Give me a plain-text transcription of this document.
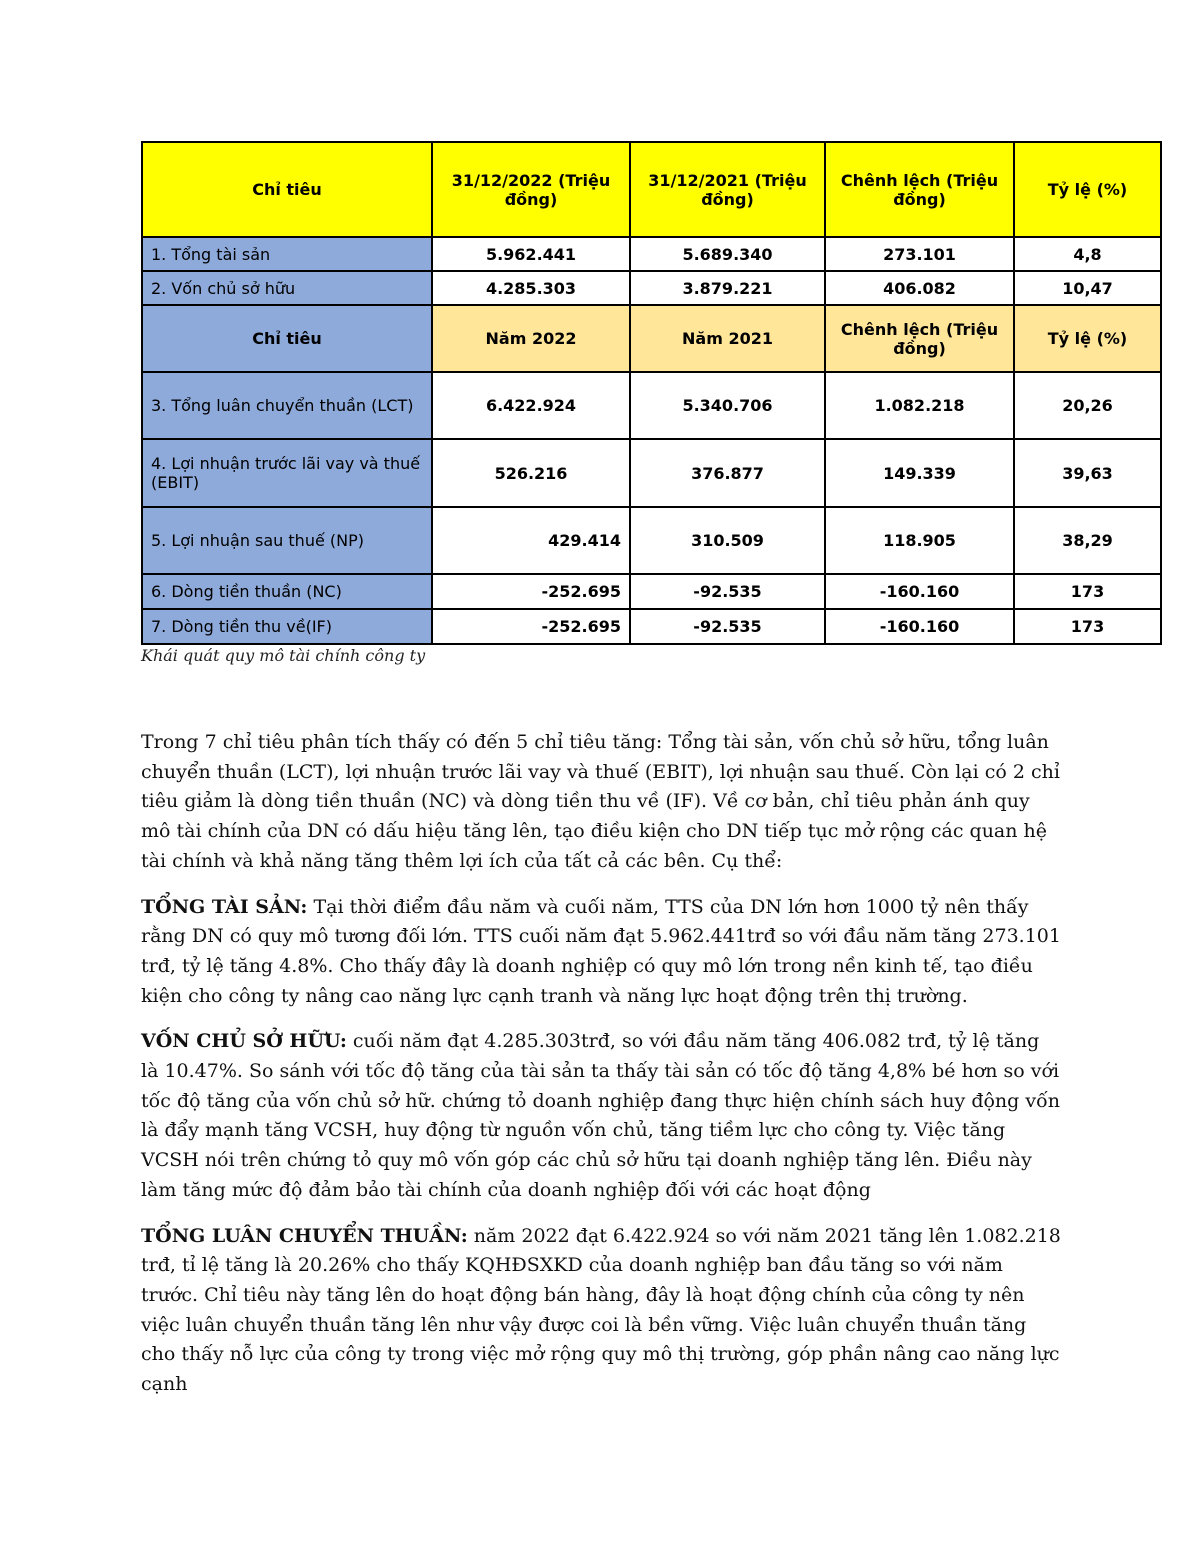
Chỉ tiêu	31/12/2022 (Triệu đồng)	31/12/2021 (Triệu đồng)	Chênh lệch (Triệu đồng)	Tỷ lệ (%)
1. Tổng tài sản	5.962.441	5.689.340	273.101	4,8
2. Vốn chủ sở hữu	4.285.303	3.879.221	406.082	10,47
Chỉ tiêu	Năm 2022	Năm 2021	Chênh lệch (Triệu đồng)	Tỷ lệ (%)
3. Tổng luân chuyển thuần (LCT)	6.422.924	5.340.706	1.082.218	20,26
4. Lợi nhuận trước lãi vay và thuế (EBIT)	526.216	376.877	149.339	39,63
5. Lợi nhuận sau thuế (NP)	429.414	310.509	118.905	38,29
6. Dòng tiền thuần (NC)	-252.695	-92.535	-160.160	173
7. Dòng tiền thu về(IF)	-252.695	-92.535	-160.160	173

Khái quát quy mô tài chính công ty

Trong 7 chỉ tiêu phân tích thấy có đến 5 chỉ tiêu tăng: Tổng tài sản, vốn chủ sở hữu, tổng luân chuyển thuần (LCT), lợi nhuận trước lãi vay và thuế (EBIT), lợi nhuận sau thuế. Còn lại có 2 chỉ tiêu giảm là dòng tiền thuần (NC) và dòng tiền thu về (IF). Về cơ bản, chỉ tiêu phản ánh quy mô tài chính của DN có dấu hiệu tăng lên, tạo điều kiện cho DN tiếp tục mở rộng các quan hệ tài chính và khả năng tăng thêm lợi ích của tất cả các bên. Cụ thể:

TỔNG TÀI SẢN: Tại thời điểm đầu năm và cuối năm, TTS của DN lớn hơn 1000 tỷ nên thấy rằng DN có quy mô tương đối lớn. TTS cuối năm đạt 5.962.441trđ so với đầu năm tăng 273.101 trđ, tỷ lệ tăng 4.8%. Cho thấy đây là doanh nghiệp có quy mô lớn trong nền kinh tế, tạo điều kiện cho công ty nâng cao năng lực cạnh tranh và năng lực hoạt động trên thị trường.

VỐN CHỦ SỞ HỮU: cuối năm đạt 4.285.303trđ, so với đầu năm tăng 406.082 trđ, tỷ lệ tăng là 10.47%. So sánh với tốc độ tăng của tài sản ta thấy tài sản có tốc độ tăng 4,8% bé hơn so với tốc độ tăng của vốn chủ sở hữ. chứng tỏ doanh nghiệp đang thực hiện chính sách huy động vốn là đẩy mạnh tăng VCSH, huy động từ nguồn vốn chủ, tăng tiềm lực cho công ty. Việc tăng VCSH nói trên chứng tỏ quy mô vốn góp các chủ sở hữu tại doanh nghiệp tăng lên. Điều này làm tăng mức độ đảm bảo tài chính của doanh nghiệp đối với các hoạt động

TỔNG LUÂN CHUYỂN THUẦN: năm 2022 đạt 6.422.924 so với năm 2021 tăng lên 1.082.218 trđ, tỉ lệ tăng là 20.26% cho thấy KQHĐSXKD của doanh nghiệp ban đầu tăng so với năm trước. Chỉ tiêu này tăng lên do hoạt động bán hàng, đây là hoạt động chính của công ty nên việc luân chuyển thuần tăng lên như vậy được coi là bền vững. Việc luân chuyển thuần tăng cho thấy nỗ lực của công ty trong việc mở rộng quy mô thị trường, góp phần nâng cao năng lực cạnh
